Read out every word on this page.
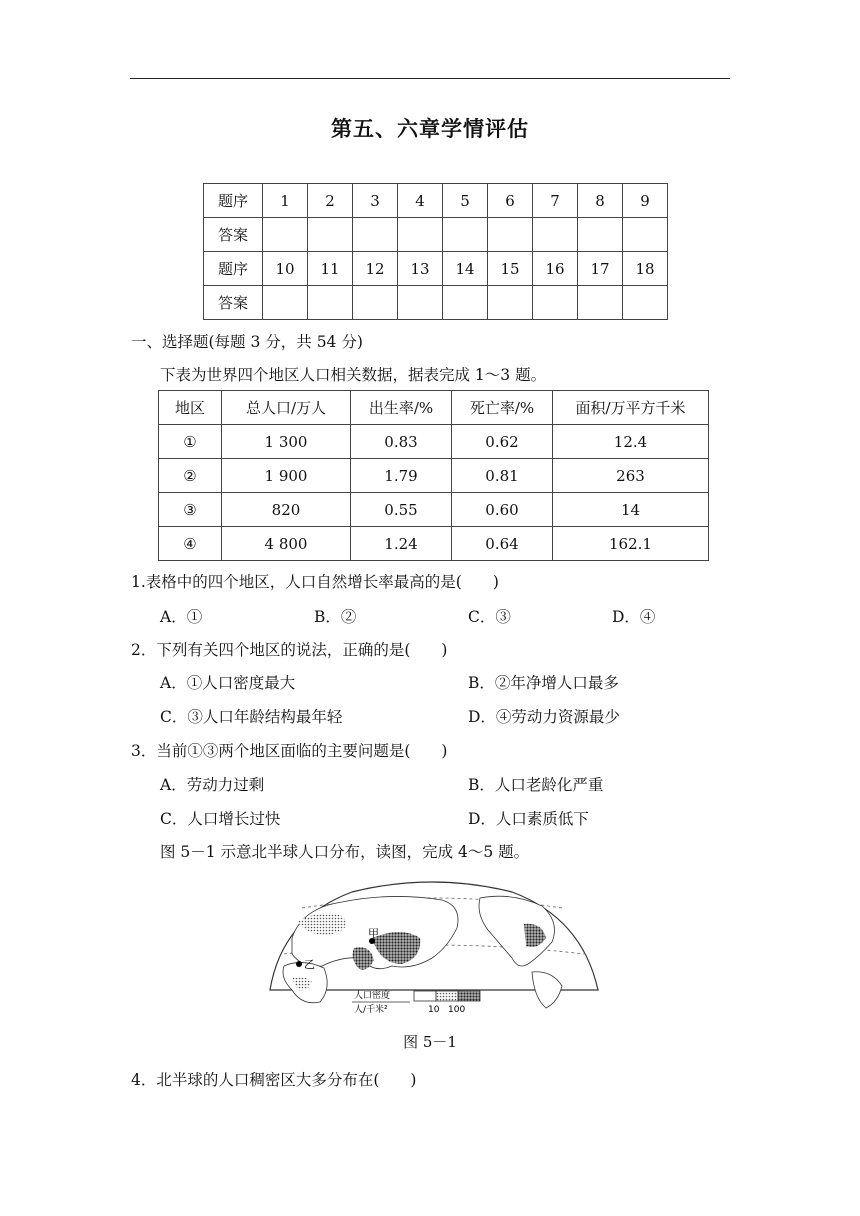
第五、六章学情评估
题序	1	2	3	4	5	6	7	8	9
答案									
题序	10	11	12	13	14	15	16	17	18
答案									
一、选择题(每题 3 分，共 54 分)
下表为世界四个地区人口相关数据，据表完成 1～3 题。
地区	总人口/万人	出生率/%	死亡率/%	面积/万平方千米
①	1 300	0.83	0.62	12.4
②	1 900	1.79	0.81	263
③	820	0.55	0.60	14
④	4 800	1.24	0.64	162.1
1.表格中的四个地区，人口自然增长率最高的是(　　)
A．①	B．②	C．③	D．④
2．下列有关四个地区的说法，正确的是(　　)
A．①人口密度最大	B．②年净增人口最多
C．③人口年龄结构最年轻	D．④劳动力资源最少
3．当前①③两个地区面临的主要问题是(　　)
A．劳动力过剩	B．人口老龄化严重
C．人口增长过快	D．人口素质低下
图 5－1 示意北半球人口分布，读图，完成 4～5 题。
甲
乙
人口密度
人/千米²	10 100
图 5－1
4．北半球的人口稠密区大多分布在(　　)
